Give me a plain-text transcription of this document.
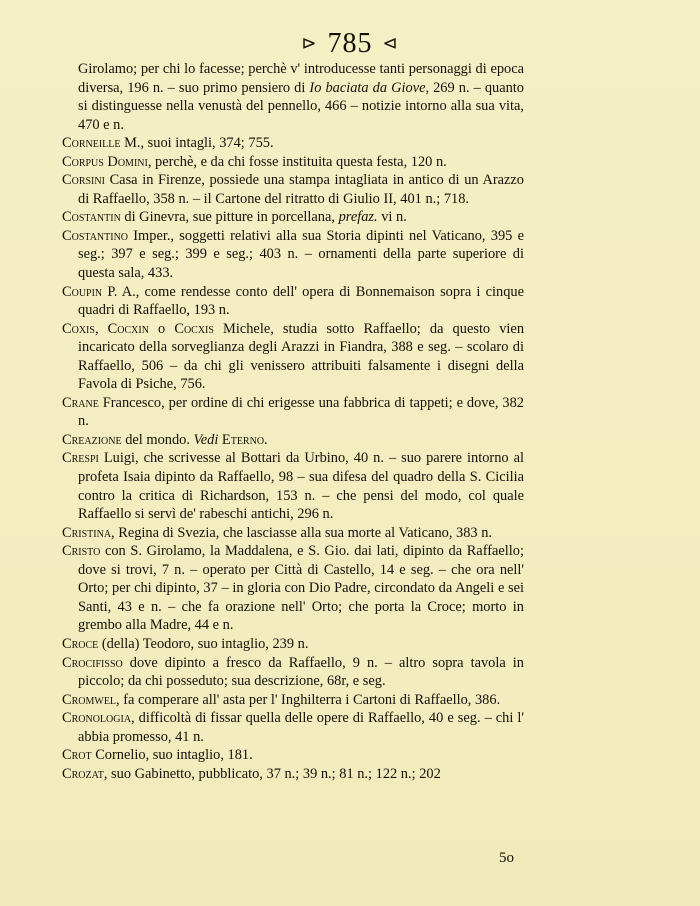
⊳ 785 ⊲
Girolamo; per chi lo facesse; perchè v' introducesse tanti personaggi di epoca diversa, 196 n. – suo primo pensiero di Io baciata da Giove, 269 n. – quanto si distinguesse nella venustà del pennello, 466 – notizie intorno alla sua vita, 470 e n.
Corneille M., suoi intagli, 374; 755.
Corpus Domini, perchè, e da chi fosse instituita questa festa, 120 n.
Corsini Casa in Firenze, possiede una stampa intagliata in antico di un Arazzo di Raffaello, 358 n. – il Cartone del ritratto di Giulio II, 401 n.; 718.
Costantin di Ginevra, sue pitture in porcellana, prefaz. vi n.
Costantino Imper., soggetti relativi alla sua Storia dipinti nel Vaticano, 395 e seg.; 397 e seg.; 399 e seg.; 403 n. – ornamenti della parte superiore di questa sala, 433.
Coupin P. A., come rendesse conto dell' opera di Bonnemaison sopra i cinque quadri di Raffaello, 193 n.
Coxis, Cocxin o Cocxis Michele, studia sotto Raffaello; da questo vien incaricato della sorveglianza degli Arazzi in Fiandra, 388 e seg. – scolaro di Raffaello, 506 – da chi gli venissero attribuiti falsamente i disegni della Favola di Psiche, 756.
Crane Francesco, per ordine di chi erigesse una fabbrica di tappeti; e dove, 382 n.
Creazione del mondo. Vedi Eterno.
Crespi Luigi, che scrivesse al Bottari da Urbino, 40 n. – suo parere intorno al profeta Isaia dipinto da Raffaello, 98 – sua difesa del quadro della S. Cicilia contro la critica di Richardson, 153 n. – che pensi del modo, col quale Raffaello si servì de' rabeschi antichi, 296 n.
Cristina, Regina di Svezia, che lasciasse alla sua morte al Vaticano, 383 n.
Cristo con S. Girolamo, la Maddalena, e S. Gio. dai lati, dipinto da Raffaello; dove si trovi, 7 n. – operato per Città di Castello, 14 e seg. – che ora nell' Orto; per chi dipinto, 37 – in gloria con Dio Padre, circondato da Angeli e sei Santi, 43 e n. – che fa orazione nell' Orto; che porta la Croce; morto in grembo alla Madre, 44 e n.
Croce (della) Teodoro, suo intaglio, 239 n.
Crocifisso dove dipinto a fresco da Raffaello, 9 n. – altro sopra tavola in piccolo; da chi posseduto; sua descrizione, 68r, e seg.
Cromwel, fa comperare all' asta per l' Inghilterra i Cartoni di Raffaello, 386.
Cronologia, difficoltà di fissar quella delle opere di Raffaello, 40 e seg. – chi l' abbia promesso, 41 n.
Crot Cornelio, suo intaglio, 181.
Crozat, suo Gabinetto, pubblicato, 37 n.; 39 n.; 81 n.; 122 n.; 202
5o
